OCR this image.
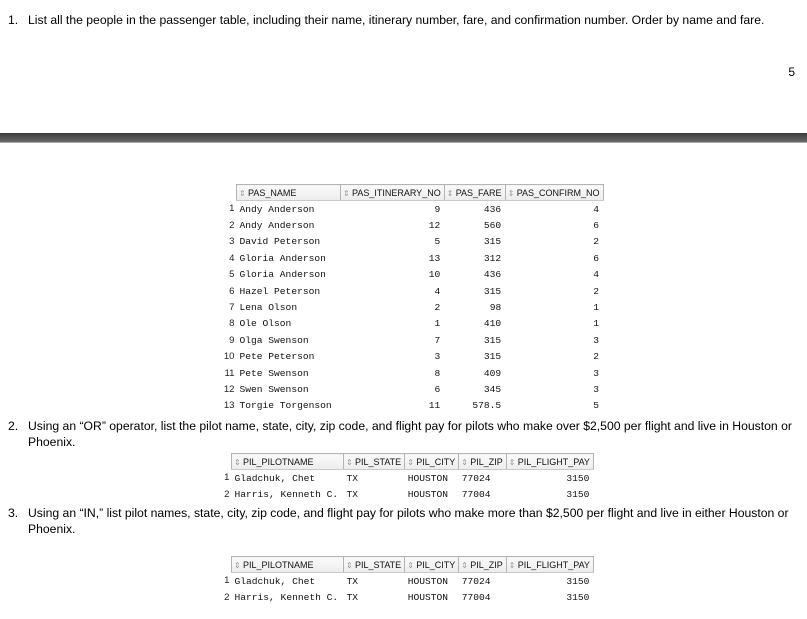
1. List all the people in the passenger table, including their name, itinerary number, fare, and confirmation number. Order by name and fare.
5
	⇕ PAS_NAME	⇕ PAS_ITINERARY_NO	⇕ PAS_FARE	⇕ PAS_CONFIRM_NO
1	Andy Anderson	9	436	4
2	Andy Anderson	12	560	6
3	David Peterson	5	315	2
4	Gloria Anderson	13	312	6
5	Gloria Anderson	10	436	4
6	Hazel Peterson	4	315	2
7	Lena Olson	2	98	1
8	Ole Olson	1	410	1
9	Olga Swenson	7	315	3
10	Pete Peterson	3	315	2
11	Pete Swenson	8	409	3
12	Swen Swenson	6	345	3
13	Torgie Torgenson	11	578.5	5
2. Using an “OR” operator, list the pilot name, state, city, zip code, and flight pay for pilots who make over $2,500 per flight and live in Houston or
Phoenix.
	⇕ PIL_PILOTNAME	⇕ PIL_STATE	⇕ PIL_CITY	⇕ PIL_ZIP	⇕ PIL_FLIGHT_PAY
1	Gladchuk, Chet	TX	HOUSTON	77024	3150
2	Harris, Kenneth C.	TX	HOUSTON	77004	3150
3. Using an “IN,” list pilot names, state, city, zip code, and flight pay for pilots who make more than $2,500 per flight and live in either Houston or
Phoenix.
	⇕ PIL_PILOTNAME	⇕ PIL_STATE	⇕ PIL_CITY	⇕ PIL_ZIP	⇕ PIL_FLIGHT_PAY
1	Gladchuk, Chet	TX	HOUSTON	77024	3150
2	Harris, Kenneth C.	TX	HOUSTON	77004	3150
